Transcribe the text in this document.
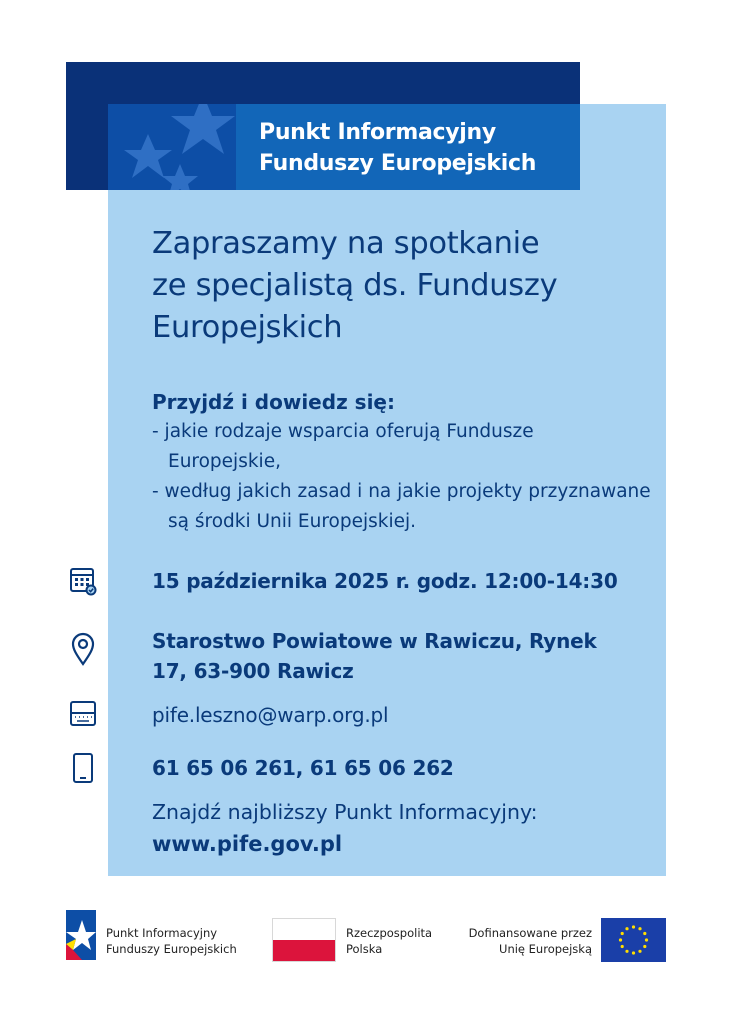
Punkt Informacyjny
Funduszy Europejskich
Zapraszamy na spotkanie
ze specjalistą ds. Funduszy
Europejskich
Przyjdź i dowiedz się:
- jakie rodzaje wsparcia oferują Fundusze Europejskie,
- według jakich zasad i na jakie projekty przyznawane są środki Unii Europejskiej.
15 października 2025 r. godz. 12:00-14:30
Starostwo Powiatowe w Rawiczu, Rynek
17, 63-900 Rawicz
pife.leszno@warp.org.pl
61 65 06 261, 61 65 06 262
Znajdź najbliższy Punkt Informacyjny:
www.pife.gov.pl
Punkt Informacyjny
Funduszy Europejskich
Rzeczpospolita
Polska
Dofinansowane przez
Unię Europejską
